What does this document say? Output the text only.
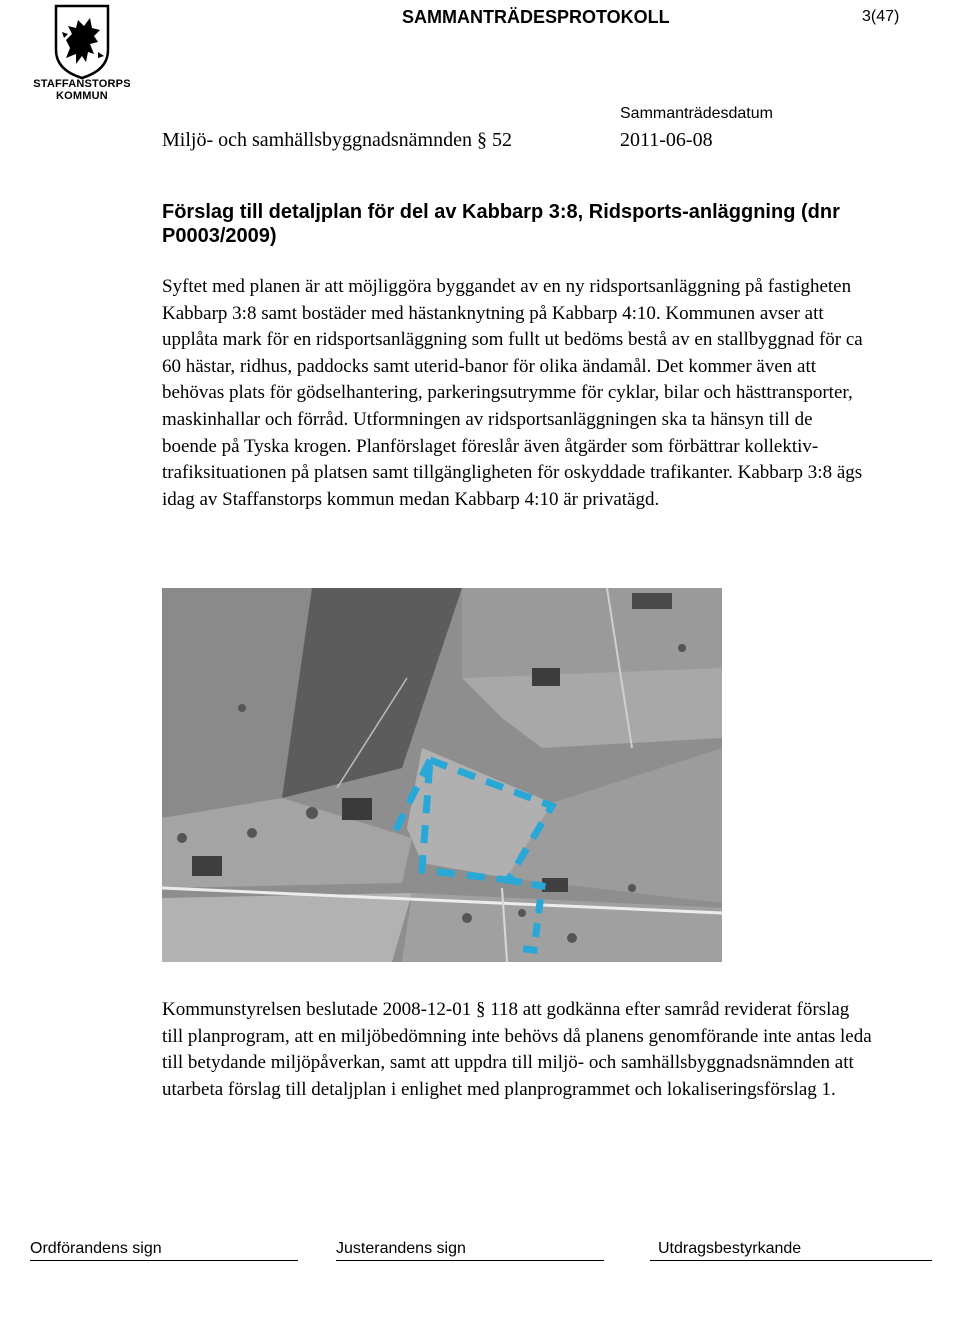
STAFFANSTORPS KOMMUN
SAMMANTRÄDESPROTOKOLL	3(47)
Sammanträdesdatum
Miljö- och samhällsbyggnadsnämnden § 52	2011-06-08
Förslag till detaljplan för del av Kabbarp 3:8, Ridsports-anläggning (dnr P0003/2009)

Syftet med planen är att möjliggöra byggandet av en ny ridsportsanläggning på fastigheten Kabbarp 3:8 samt bostäder med hästanknytning på Kabbarp 4:10. Kommunen avser att upplåta mark för en ridsportsanläggning som fullt ut bedöms bestå av en stallbyggnad för ca 60 hästar, ridhus, paddocks samt uterid-banor för olika ändamål. Det kommer även att behövas plats för gödselhantering, parkeringsutrymme för cyklar, bilar och hästtransporter, maskinhallar och förråd. Utformningen av ridsportsanläggningen ska ta hänsyn till de boende på Tyska krogen. Planförslaget föreslår även åtgärder som förbättrar kollektiv-trafiksituationen på platsen samt tillgängligheten för oskyddade trafikanter. Kabbarp 3:8 ägs idag av Staffanstorps kommun medan Kabbarp 4:10 är privatägd.

Kommunstyrelsen beslutade 2008-12-01 § 118 att godkänna efter samråd reviderat förslag till planprogram, att en miljöbedömning inte behövs då planens genomförande inte antas leda till betydande miljöpåverkan, samt att uppdra till miljö- och samhällsbyggnadsnämnden att utarbeta förslag till detaljplan i enlighet med planprogrammet och lokaliseringsförslag 1.

Ordförandens sign	Justerandens sign	Utdragsbestyrkande
